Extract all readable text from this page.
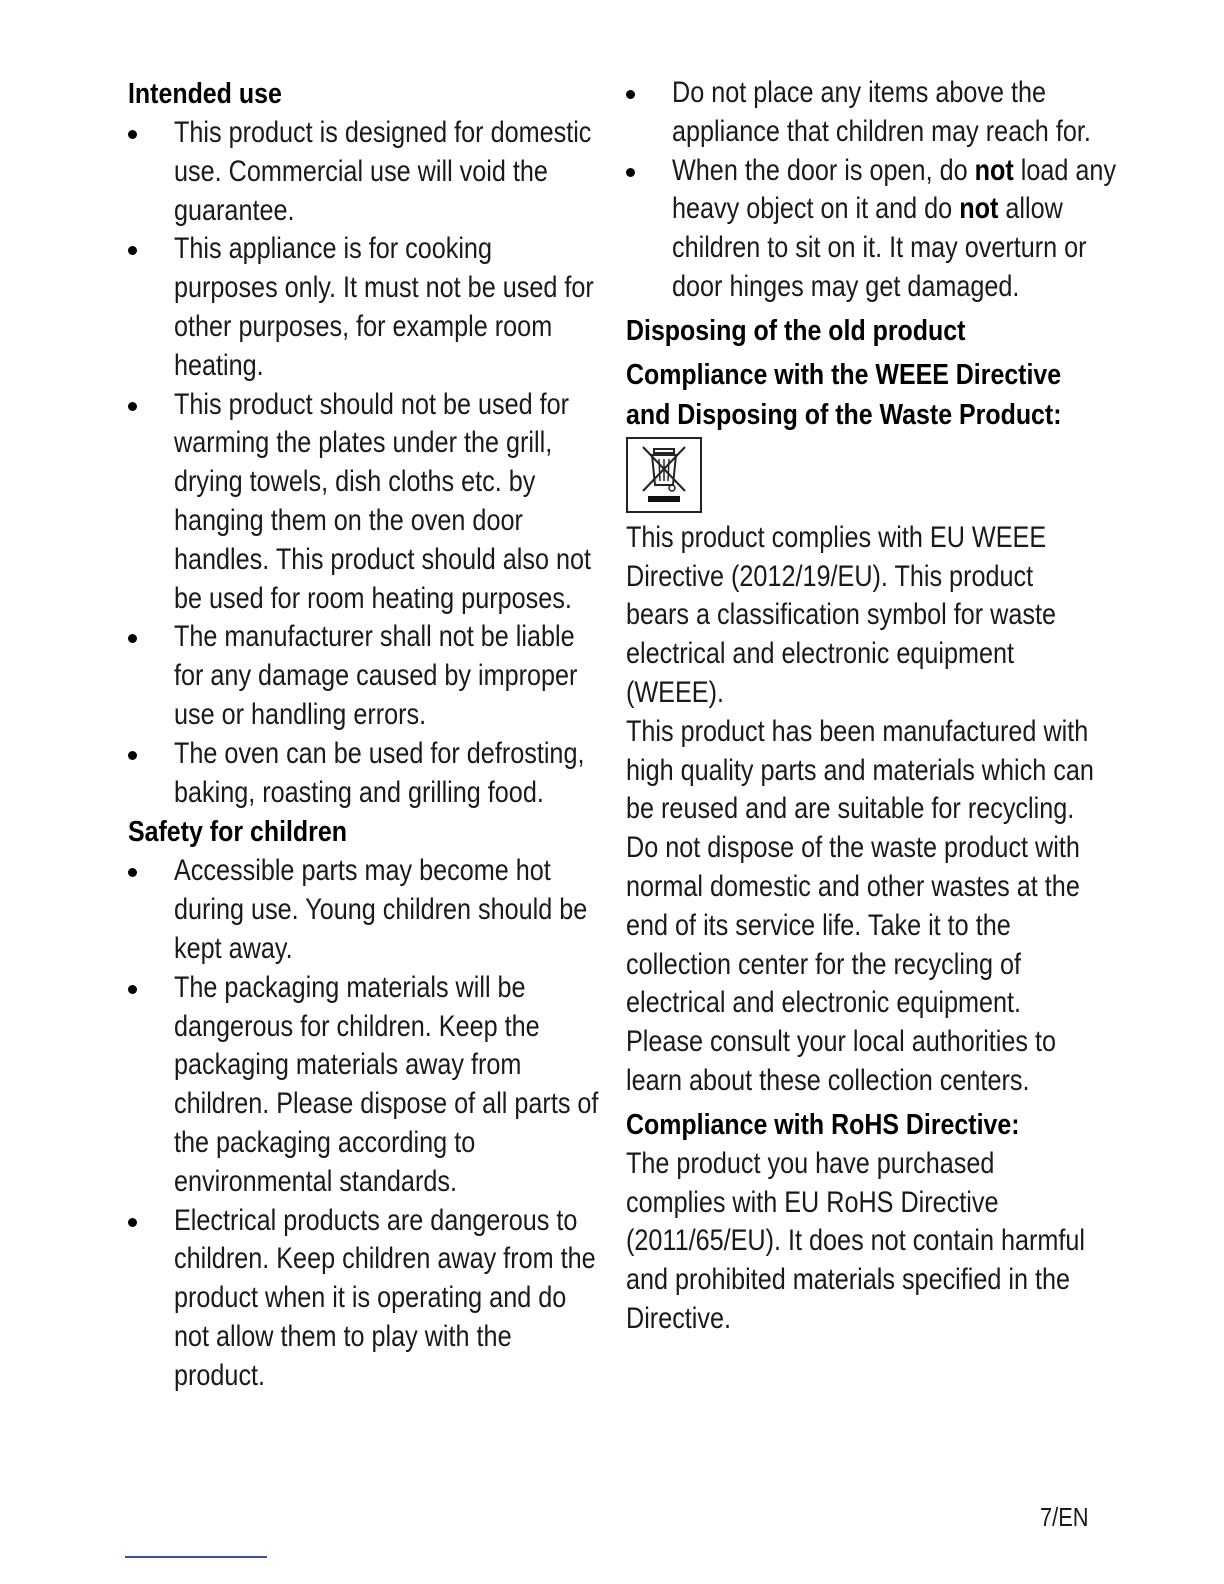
Intended use
This product is designed for domestic use. Commercial use will void the guarantee.
This appliance is for cooking purposes only. It must not be used for other purposes, for example room heating.
This product should not be used for warming the plates under the grill, drying towels, dish cloths etc. by hanging them on the oven door handles. This product should also not be used for room heating purposes.
The manufacturer shall not be liable for any damage caused by improper use or handling errors.
The oven can be used for defrosting, baking, roasting and grilling food.
Safety for children
Accessible parts may become hot during use. Young children should be kept away.
The packaging materials will be dangerous for children. Keep the packaging materials away from children. Please dispose of all parts of the packaging according to environmental standards.
Electrical products are dangerous to children. Keep children away from the product when it is operating and do not allow them to play with the product.
Do not place any items above the appliance that children may reach for.
When the door is open, do not load any heavy object on it and do not allow children to sit on it. It may overturn or door hinges may get damaged.
Disposing of the old product
Compliance with the WEEE Directive and Disposing of the Waste Product:
This product complies with EU WEEE Directive (2012/19/EU). This product bears a classification symbol for waste electrical and electronic equipment (WEEE).
This product has been manufactured with high quality parts and materials which can be reused and are suitable for recycling. Do not dispose of the waste product with normal domestic and other wastes at the end of its service life. Take it to the collection center for the recycling of electrical and electronic equipment. Please consult your local authorities to learn about these collection centers.
Compliance with RoHS Directive:
The product you have purchased complies with EU RoHS Directive (2011/65/EU). It does not contain harmful and prohibited materials specified in the Directive.
7/EN
